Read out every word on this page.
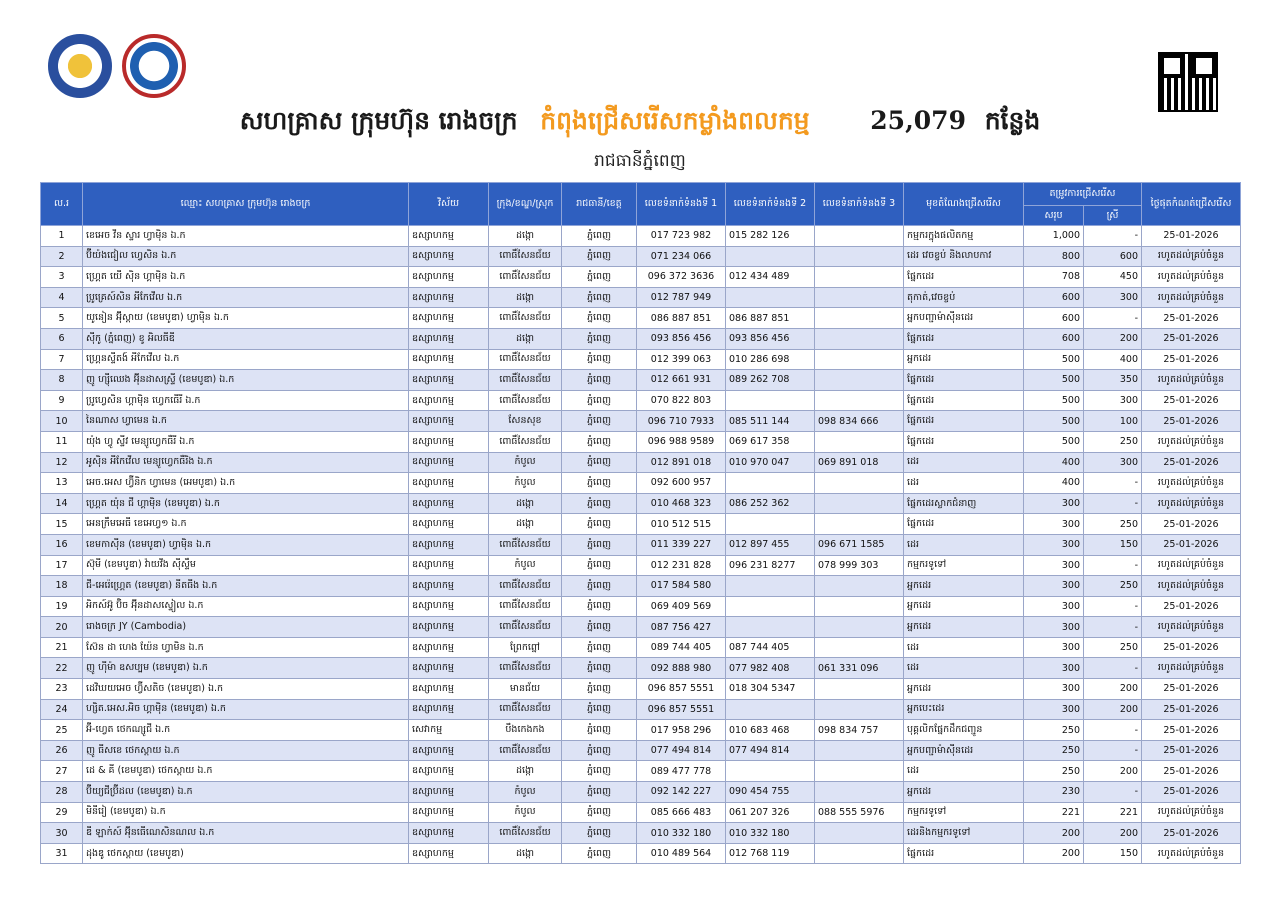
សហគ្រាស ក្រុមហ៊ុន រោងចក្រ កំពុងជ្រើសរើសកម្លាំងពលកម្ម 25,079 កន្លែង
រាជធានីភ្នំពេញ
ល.រ	ឈ្មោះ សហគ្រាស ក្រុមហ៊ុន រោងចក្រ	វិស័យ	ក្រុង/ខណ្ឌ/ស្រុក	រាជធានី/ខេត្ត	លេខទំនាក់ទំនងទី 1	លេខទំនាក់ទំនងទី 2	លេខទំនាក់ទំនងទី 3	មុខតំណែងជ្រើសរើស	តម្រូវការជ្រើសរើស		ថ្ងៃផុតកំណត់ជ្រើសរើស
									សរុប	ស្រី	
1	ខេអេច វីន ស្ទារ ហ្វាម៉ិន ឯ.ក	ឧស្សាហកម្ម	ដង្កោ	ភ្នំពេញ	017 723 982	015 282 126		កម្មករក្នុងផលិតកម្ម	1,000	-	25-01-2026
2	ប៊ីយ៉ងជៀល ហ្វេសិន ឯ.ក	ឧស្សាហកម្ម	ពោធិ៍សែនជ័យ	ភ្នំពេញ	071 234 066			ដេរ វេចខ្ចប់ និងលាបកាវ	800	600	រហូតដល់គ្រប់ចំនួន
3	ហ្គ្រេត យើ ស៊ិន ហ្គាម៉ិន ឯ.ក	ឧស្សាហកម្ម	ពោធិ៍សែនជ័យ	ភ្នំពេញ	096 372 3636	012 434 489		ផ្នែកដេរ	708	450	រហូតដល់គ្រប់ចំនួន
4	ប្រូគ្រេស៍សិន អីកែវើល ឯ.ក	ឧស្សាហកម្ម	ដង្កោ	ភ្នំពេញ	012 787 949			តុកាត់,វេចខ្ចប់	600	300	រហូតដល់គ្រប់ចំនួន
5	យូនៀន អ៊ុីស្តាយ (ខេមបូឌា) ហ្វាម៉ិន ឯ.ក	ឧស្សាហកម្ម	ពោធិ៍សែនជ័យ	ភ្នំពេញ	086 887 851	086 887 851		អ្នកបញ្ជាម៉ាស៊ីនដេរ	600	-	25-01-2026
6	ស៊ីកូ (ភ្នំពេញ) ខូ អិលធីឌី	ឧស្សាហកម្ម	ដង្កោ	ភ្នំពេញ	093 856 456	093 856 456		ផ្នែកដេរ	600	200	25-01-2026
7	ហ្គ្រេនស្ទីតង៍ អីកែវើល ឯ.ក	ឧស្សាហកម្ម	ពោធិ៍សែនជ័យ	ភ្នំពេញ	012 399 063	010 286 698		អ្នកដេរ	500	400	25-01-2026
8	ញូ ហ្ស៊ីឈេង អ៊ុីនដាសស្ទ្រី (ខេមបូឌា) ឯ.ក	ឧស្សាហកម្ម	ពោធិ៍សែនជ័យ	ភ្នំពេញ	012 661 931	089 262 708		ផ្នែកដេរ	500	350	រហូតដល់គ្រប់ចំនួន
9	ប្រូហ្វេសិន ហ្គាម៉ិន ហ្វេកធើរី ឯ.ក	ឧស្សាហកម្ម	ពោធិ៍សែនជ័យ	ភ្នំពេញ	070 822 803			ផ្នែកដេរ	500	300	25-01-2026
10	នៃណាស ហ្វាមេន ឯ.ក	ឧស្សាហកម្ម	សែនសុខ	ភ្នំពេញ	096 710 7933	085 511 144	098 834 666	ផ្នែកដេរ	500	100	25-01-2026
11	យ៉ុង ហ្វូ ស្ទីវ មេន្យូហ្វេកធឺរី ឯ.ក	ឧស្សាហកម្ម	ពោធិ៍សែនជ័យ	ភ្នំពេញ	096 988 9589	069 617 358		ផ្នែកដេរ	500	250	រហូតដល់គ្រប់ចំនួន
12	អូស៊ិន អីកែវើល មេន្យូហ្វេកធឺរិង ឯ.ក	ឧស្សាហកម្ម	កំបូល	ភ្នំពេញ	012 891 018	010 970 047	069 891 018	ដេរ	400	300	25-01-2026
13	អេច.អេស ហ្វ៊ីនិក ហ្វាមេន (អេមបូឌា) ឯ.ក	ឧស្សាហកម្ម	កំបូល	ភ្នំពេញ	092 600 957			ដេរ	400	-	រហូតដល់គ្រប់ចំនួន
14	ហ្គ្រេត យ៉ុន ជី ហ្គាម៉ិន (ខេមបូឌា) ឯ.ក	ឧស្សាហកម្ម	ដង្កោ	ភ្នំពេញ	010 468 323	086 252 362		ផ្នែកដេរស្លាកជំនាញ	300	-	រហូតដល់គ្រប់ចំនួន
15	អេនក្រឹមអេធី ខេអេហ្វ១ ឯ.ក	ឧស្សាហកម្ម	ដង្កោ	ភ្នំពេញ	010 512 515			ផ្នែកដេរ	300	250	25-01-2026
16	ខេមកាស៊ីន (ខេមបូឌា) ហ្វាម៉ិន ឯ.ក	ឧស្សាហកម្ម	ពោធិ៍សែនជ័យ	ភ្នំពេញ	011 339 227	012 897 455	096 671 1585	ដេរ	300	150	25-01-2026
17	ស៊ុមី (ខេមបូឌា) វ៉ាយវីង ស៊ីស្ទឹម	ឧស្សាហកម្ម	កំបូល	ភ្នំពេញ	012 231 828	096 231 8277	078 999 303	កម្មករទូទៅ	300	-	រហូតដល់គ្រប់ចំនួន
18	ជី-អេរ៉េហ្គ្រេត (ខេមបូឌា) នីតធីង ឯ.ក	ឧស្សាហកម្ម	ពោធិ៍សែនជ័យ	ភ្នំពេញ	017 584 580			អ្នកដេរ	300	250	រហូតដល់គ្រប់ចំនួន
19	អិកស៍អ៊ូ ប៊ិច អ៊ុីនដាសស្ទៀល ឯ.ក	ឧស្សាហកម្ម	ពោធិ៍សែនជ័យ	ភ្នំពេញ	069 409 569			អ្នកដេរ	300	-	25-01-2026
20	រោងចក្រ JY (Cambodia)	ឧស្សាហកម្ម	ពោធិ៍សែនជ័យ	ភ្នំពេញ	087 756 427			អ្នកដេរ	300	-	រហូតដល់គ្រប់ចំនួន
21	ស៊ែន ដា ហេង យ៉ែន ហ្វាមិន ឯ.ក	ឧស្សាហកម្ម	ព្រែកព្នៅ	ភ្នំពេញ	089 744 405	087 744 405		ដេរ	300	250	25-01-2026
22	ញូ ហ៊ីម៉ា ឧសប្បម (ខេមបូឌា) ឯ.ក	ឧស្សាហកម្ម	ពោធិ៍សែនជ័យ	ភ្នំពេញ	092 888 980	077 982 408	061 331 096	ដេរ	300	-	រហូតដល់គ្រប់ចំនួន
23	ដេវិឃយអេច ហ្វ៊ីសតិច (ខេមបូឌា) ឯ.ក	ឧស្សាហកម្ម	មានជ័យ	ភ្នំពេញ	096 857 5551	018 304 5347		អ្នកដេរ	300	200	25-01-2026
24	ហ្សិត.អេស.អិច ហ្គាម៉ិន (ខេមបូឌា) ឯ.ក	ឧស្សាហកម្ម	ពោធិ៍សែនជ័យ	ភ្នំពេញ	096 857 5551			អ្នកបេះដេរ	300	200	25-01-2026
25	អ៊ី-ហ្វេត ថេកណ្សូជី ឯ.ក	សេវាកម្ម	បឹងកេងកង	ភ្នំពេញ	017 958 296	010 683 468	098 834 757	បុគ្គលិកផ្នែកដឹកជញ្ជូន	250	-	25-01-2026
26	ញូ ធីសខេ ថេកស្តាយ ឯ.ក	ឧស្សាហកម្ម	ពោធិ៍សែនជ័យ	ភ្នំពេញ	077 494 814	077 494 814		អ្នកបញ្ជាម៉ាស៊ីនដេរ	250	-	25-01-2026
27	ដេ & គី (ខេមបូឌា) ថេកស្តាយ ឯ.ក	ឧស្សាហកម្ម	ដង្កោ	ភ្នំពេញ	089 477 778			ដេរ	250	200	25-01-2026
28	ប៊ីយ្យជីប្រ៊ីដល (ខេមបូឌា) ឯ.ក	ឧស្សាហកម្ម	កំបូល	ភ្នំពេញ	092 142 227	090 454 755		អ្នកដេរ	230	-	25-01-2026
29	មិនីរៀ (ខេមបូឌា) ឯ.ក	ឧស្សាហកម្ម	កំបូល	ភ្នំពេញ	085 666 483	061 207 326	088 555 5976	កម្មករទូទៅ	221	221	រហូតដល់គ្រប់ចំនួន
30	ឌី ឡាក់ស៍ អ៊ុីនធើណេសិនណល ឯ.ក	ឧស្សាហកម្ម	ពោធិ៍សែនជ័យ	ភ្នំពេញ	010 332 180	010 332 180		ដេរនិងកម្មករទូទៅ	200	200	25-01-2026
31	ដុងឌូ ថេកស្តាយ (ខេមបូឌា)	ឧស្សាហកម្ម	ដង្កោ	ភ្នំពេញ	010 489 564	012 768 119		ផ្នែកដេរ	200	150	រហូតដល់គ្រប់ចំនួន
